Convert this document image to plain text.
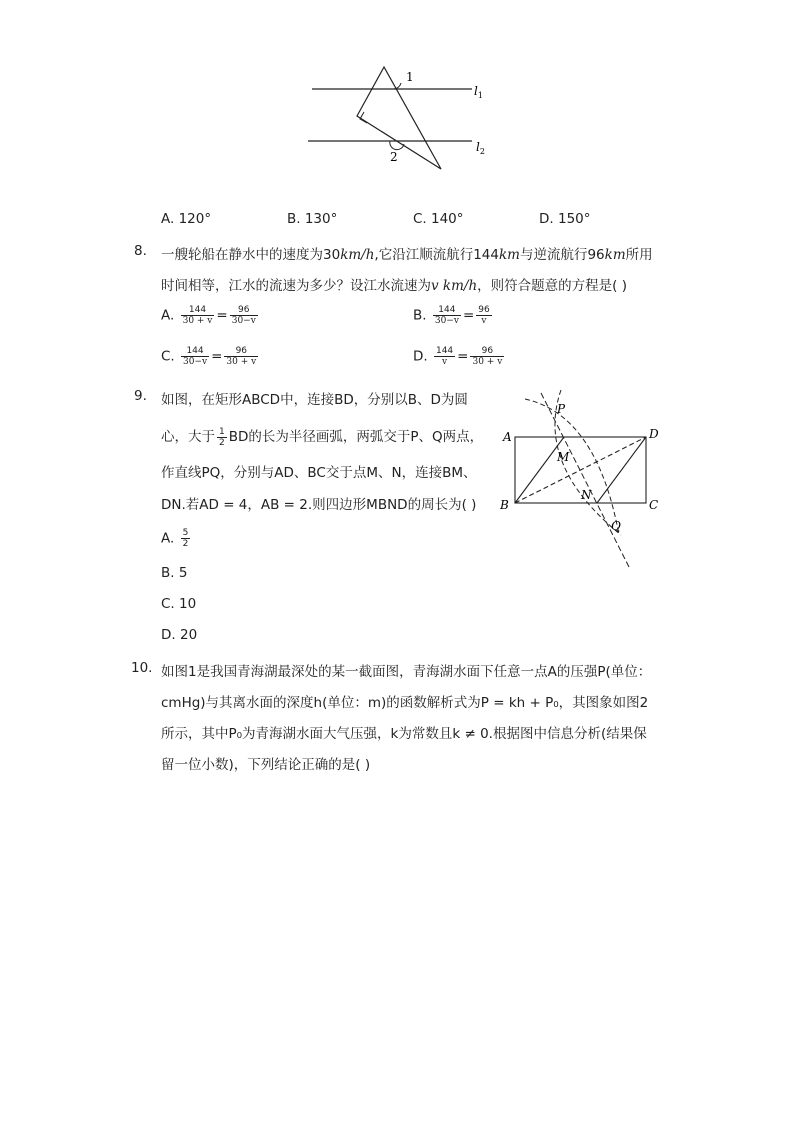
1
2
$l_1$
$l_2$
A. 120°	B. 130°	C. 140°	D. 150°
8. 一艘轮船在静水中的速度为30km/h,它沿江顺流航行144km与逆流航行96km所用
时间相等，江水的流速为多少？设江水流速为v km/h，则符合题意的方程是( )
A. $\frac{144}{30 + v} = \frac{96}{30-v}$	B. $\frac{144}{30-v} = \frac{96}{v}$
C. $\frac{144}{30-v} = \frac{96}{30 + v}$	D. $\frac{144}{v} = \frac{96}{30 + v}$
9. 如图，在矩形ABCD中，连接BD，分别以B、D为圆
心，大于 $\frac{1}{2}$ BD的长为半径画弧，两弧交于P、Q两点，
作直线PQ，分别与AD、BC交于点M、N，连接BM、
DN.若AD = 4，AB = 2.则四边形MBND的周长为( )
A. $\frac{5}{2}$
B. 5
C. 10
D. 20
P
A	D
M
B
N
C
Q
10. 如图1是我国青海湖最深处的某一截面图，青海湖水面下任意一点A的压强P(单位：
cmHg)与其离水面的深度h(单位：m)的函数解析式为P = kh + P₀，其图象如图2
所示，其中P₀为青海湖水面大气压强，k为常数且k ≠ 0.根据图中信息分析(结果保
留一位小数)，下列结论正确的是( )
